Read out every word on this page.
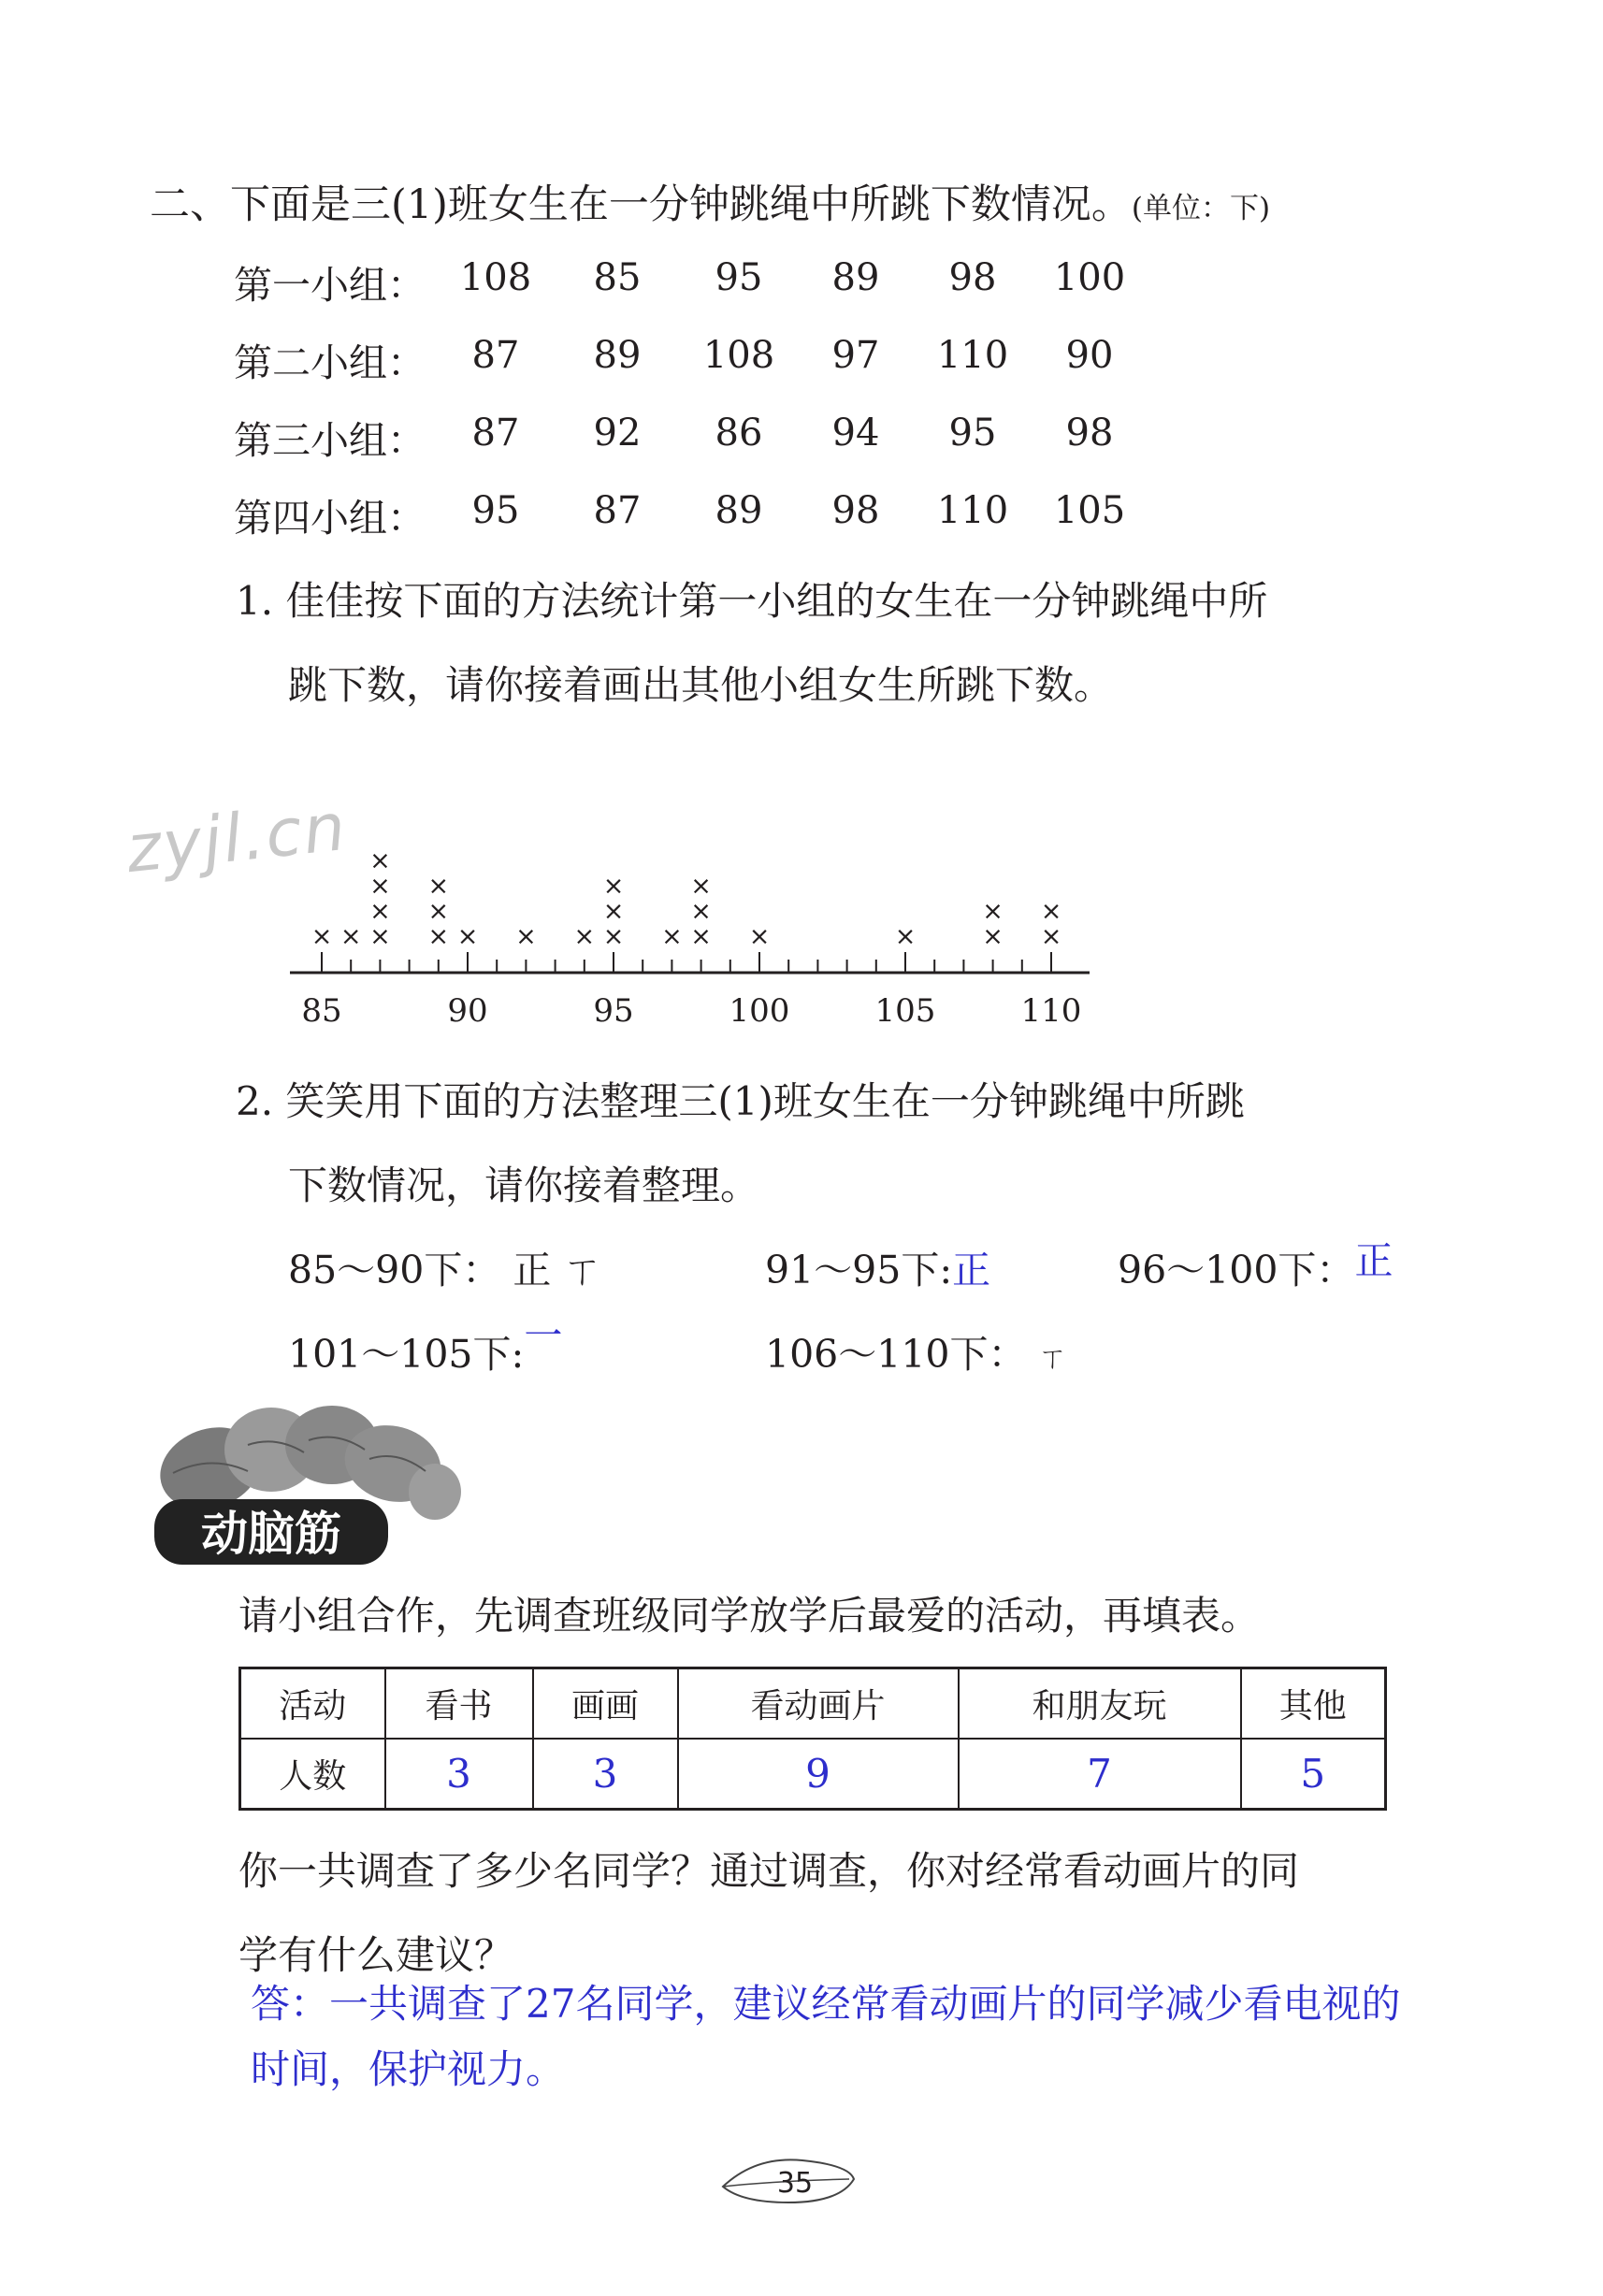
zyjl.cn
二、下面是三(1)班女生在一分钟跳绳中所跳下数情况。(单位：下)
第一小组： 108	85	95	89	98	100
第二小组：	87	89	108	97	110	90
第三小组：	87	92	86	94	95	98
第四小组：	95	87	89	98	110 105
1. 佳佳按下面的方法统计第一小组的女生在一分钟跳绳中所
跳下数，请你接着画出其他小组女生所跳下数。
85	90	95	100	105	110
× × ×
×
×
×
×
×
×
× × × ×
×
×
× ×
×
×
×	×	×
×
×
×
2. 笑笑用下面的方法整理三(1)班女生在一分钟跳绳中所跳
下数情况，请你接着整理。
85～90下： 正 ㄒ	91～95下:正	96～100下：正
101～105下:一	106～110下： ㄒ
动脑筋
请小组合作，先调查班级同学放学后最爱的活动，再填表。
活动	看书	画画	看动画片	和朋友玩	其他
人数	3	3	9	7	5
你一共调查了多少名同学？通过调查，你对经常看动画片的同
学有什么建议？
答：一共调查了27名同学，建议经常看动画片的同学减少看电视的
时间，保护视力。
35
